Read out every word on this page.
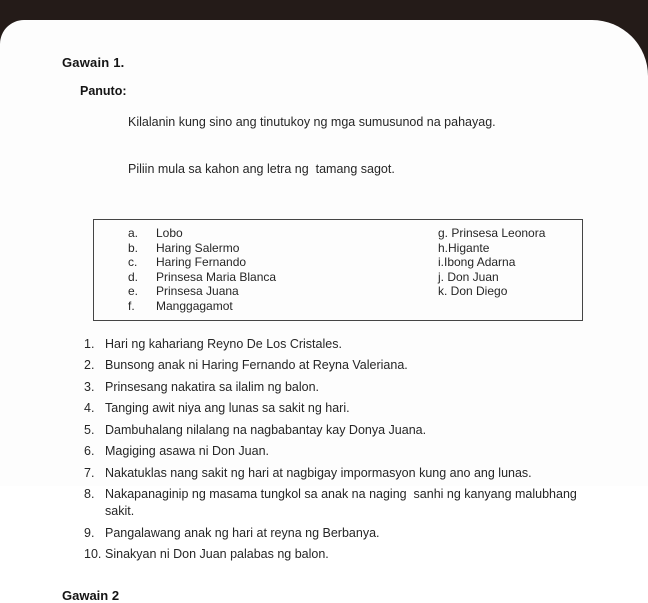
Gawain 1.
Panuto:

Kilalanin kung sino ang tinutukoy ng mga sumusunod na pahayag.

Piliin mula sa kahon ang letra ng  tamang sagot.

a.	Lobo
b.	Haring Salermo
c.	Haring Fernando
d.	Prinsesa Maria Blanca
e.	Prinsesa Juana
f.	Manggagamot
g. Prinsesa Leonora
h.Higante
i.Ibong Adarna
j. Don Juan
k. Don Diego
1. Hari ng kahariang Reyno De Los Cristales.
2. Bunsong anak ni Haring Fernando at Reyna Valeriana.
3. Prinsesang nakatira sa ilalim ng balon.
4. Tanging awit niya ang lunas sa sakit ng hari.
5. Dambuhalang nilalang na nagbabantay kay Donya Juana.
6. Magiging asawa ni Don Juan.
7. Nakatuklas nang sakit ng hari at nagbigay impormasyon kung ano ang lunas.
8. Nakapanaginip ng masama tungkol sa anak na naging  sanhi ng kanyang malubhang sakit.
9. Pangalawang anak ng hari at reyna ng Berbanya.
10. Sinakyan ni Don Juan palabas ng balon.
Gawain 2
